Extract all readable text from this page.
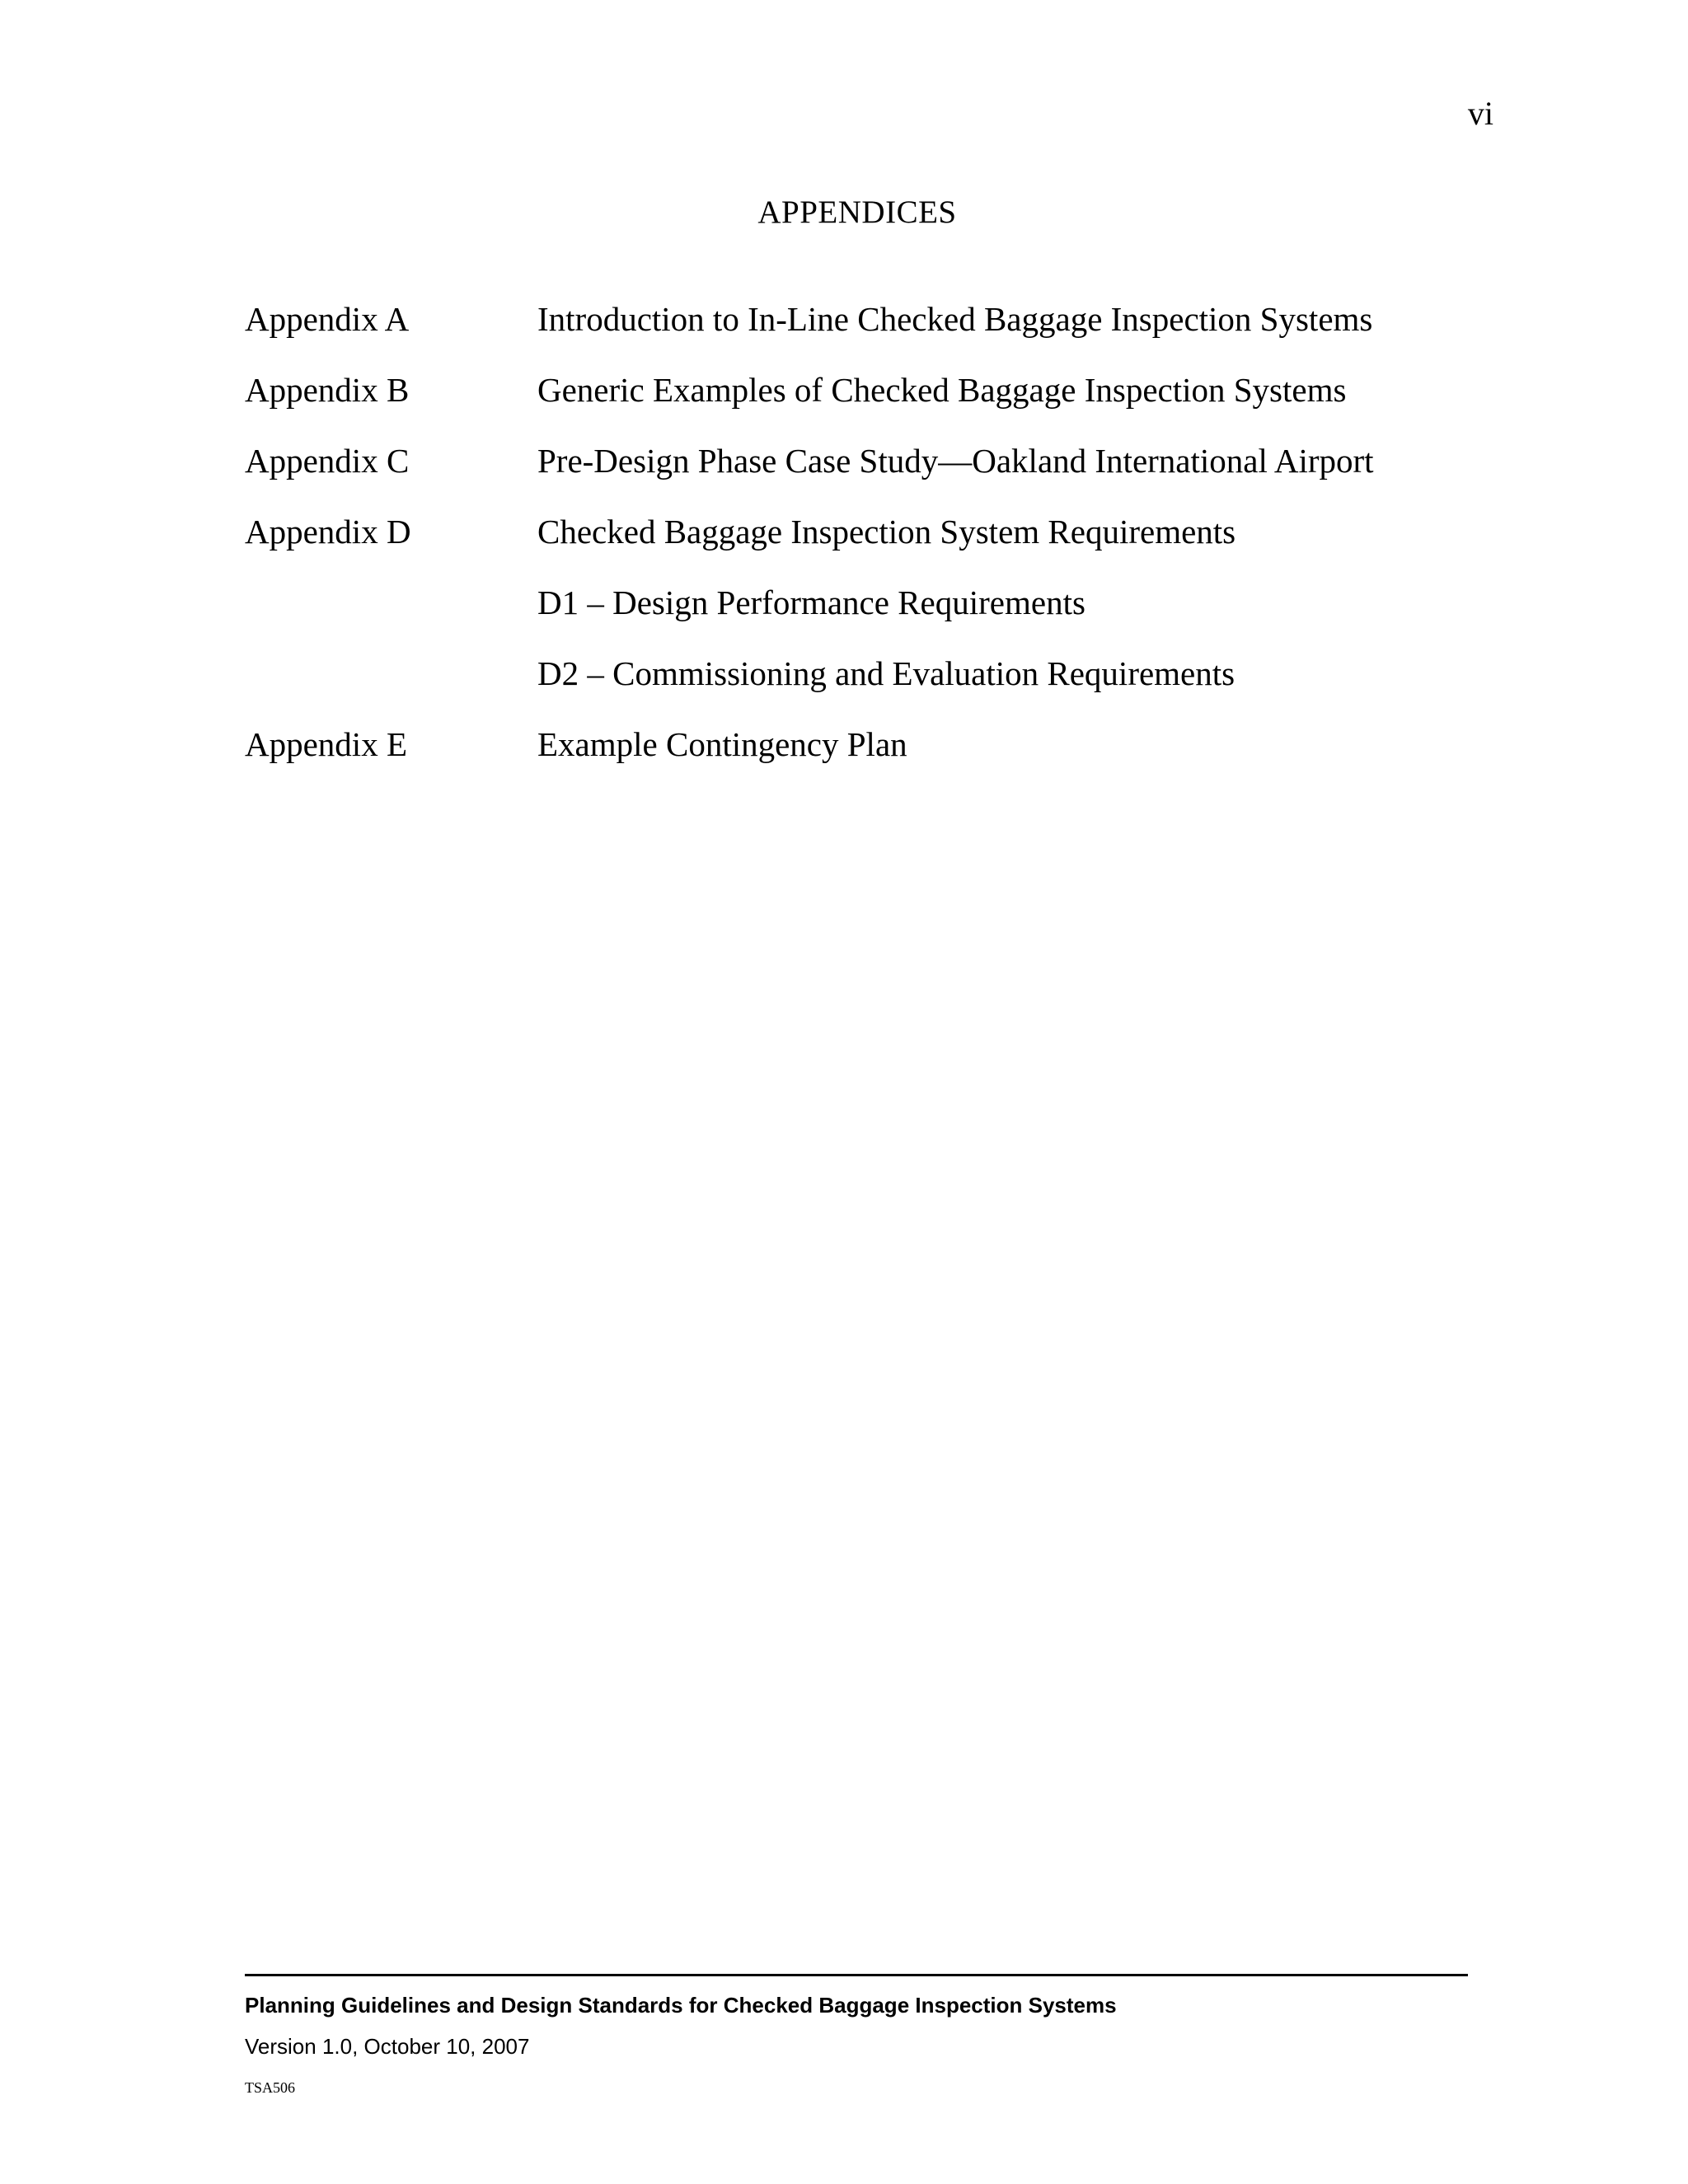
vi
APPENDICES
Appendix A	Introduction to In-Line Checked Baggage Inspection Systems
Appendix B	Generic Examples of Checked Baggage Inspection Systems
Appendix C	Pre-Design Phase Case Study—Oakland International Airport
Appendix D	Checked Baggage Inspection System Requirements
D1 – Design Performance Requirements
D2 – Commissioning and Evaluation Requirements
Appendix E	Example Contingency Plan
Planning Guidelines and Design Standards for Checked Baggage Inspection Systems
Version 1.0, October 10, 2007
TSA506
